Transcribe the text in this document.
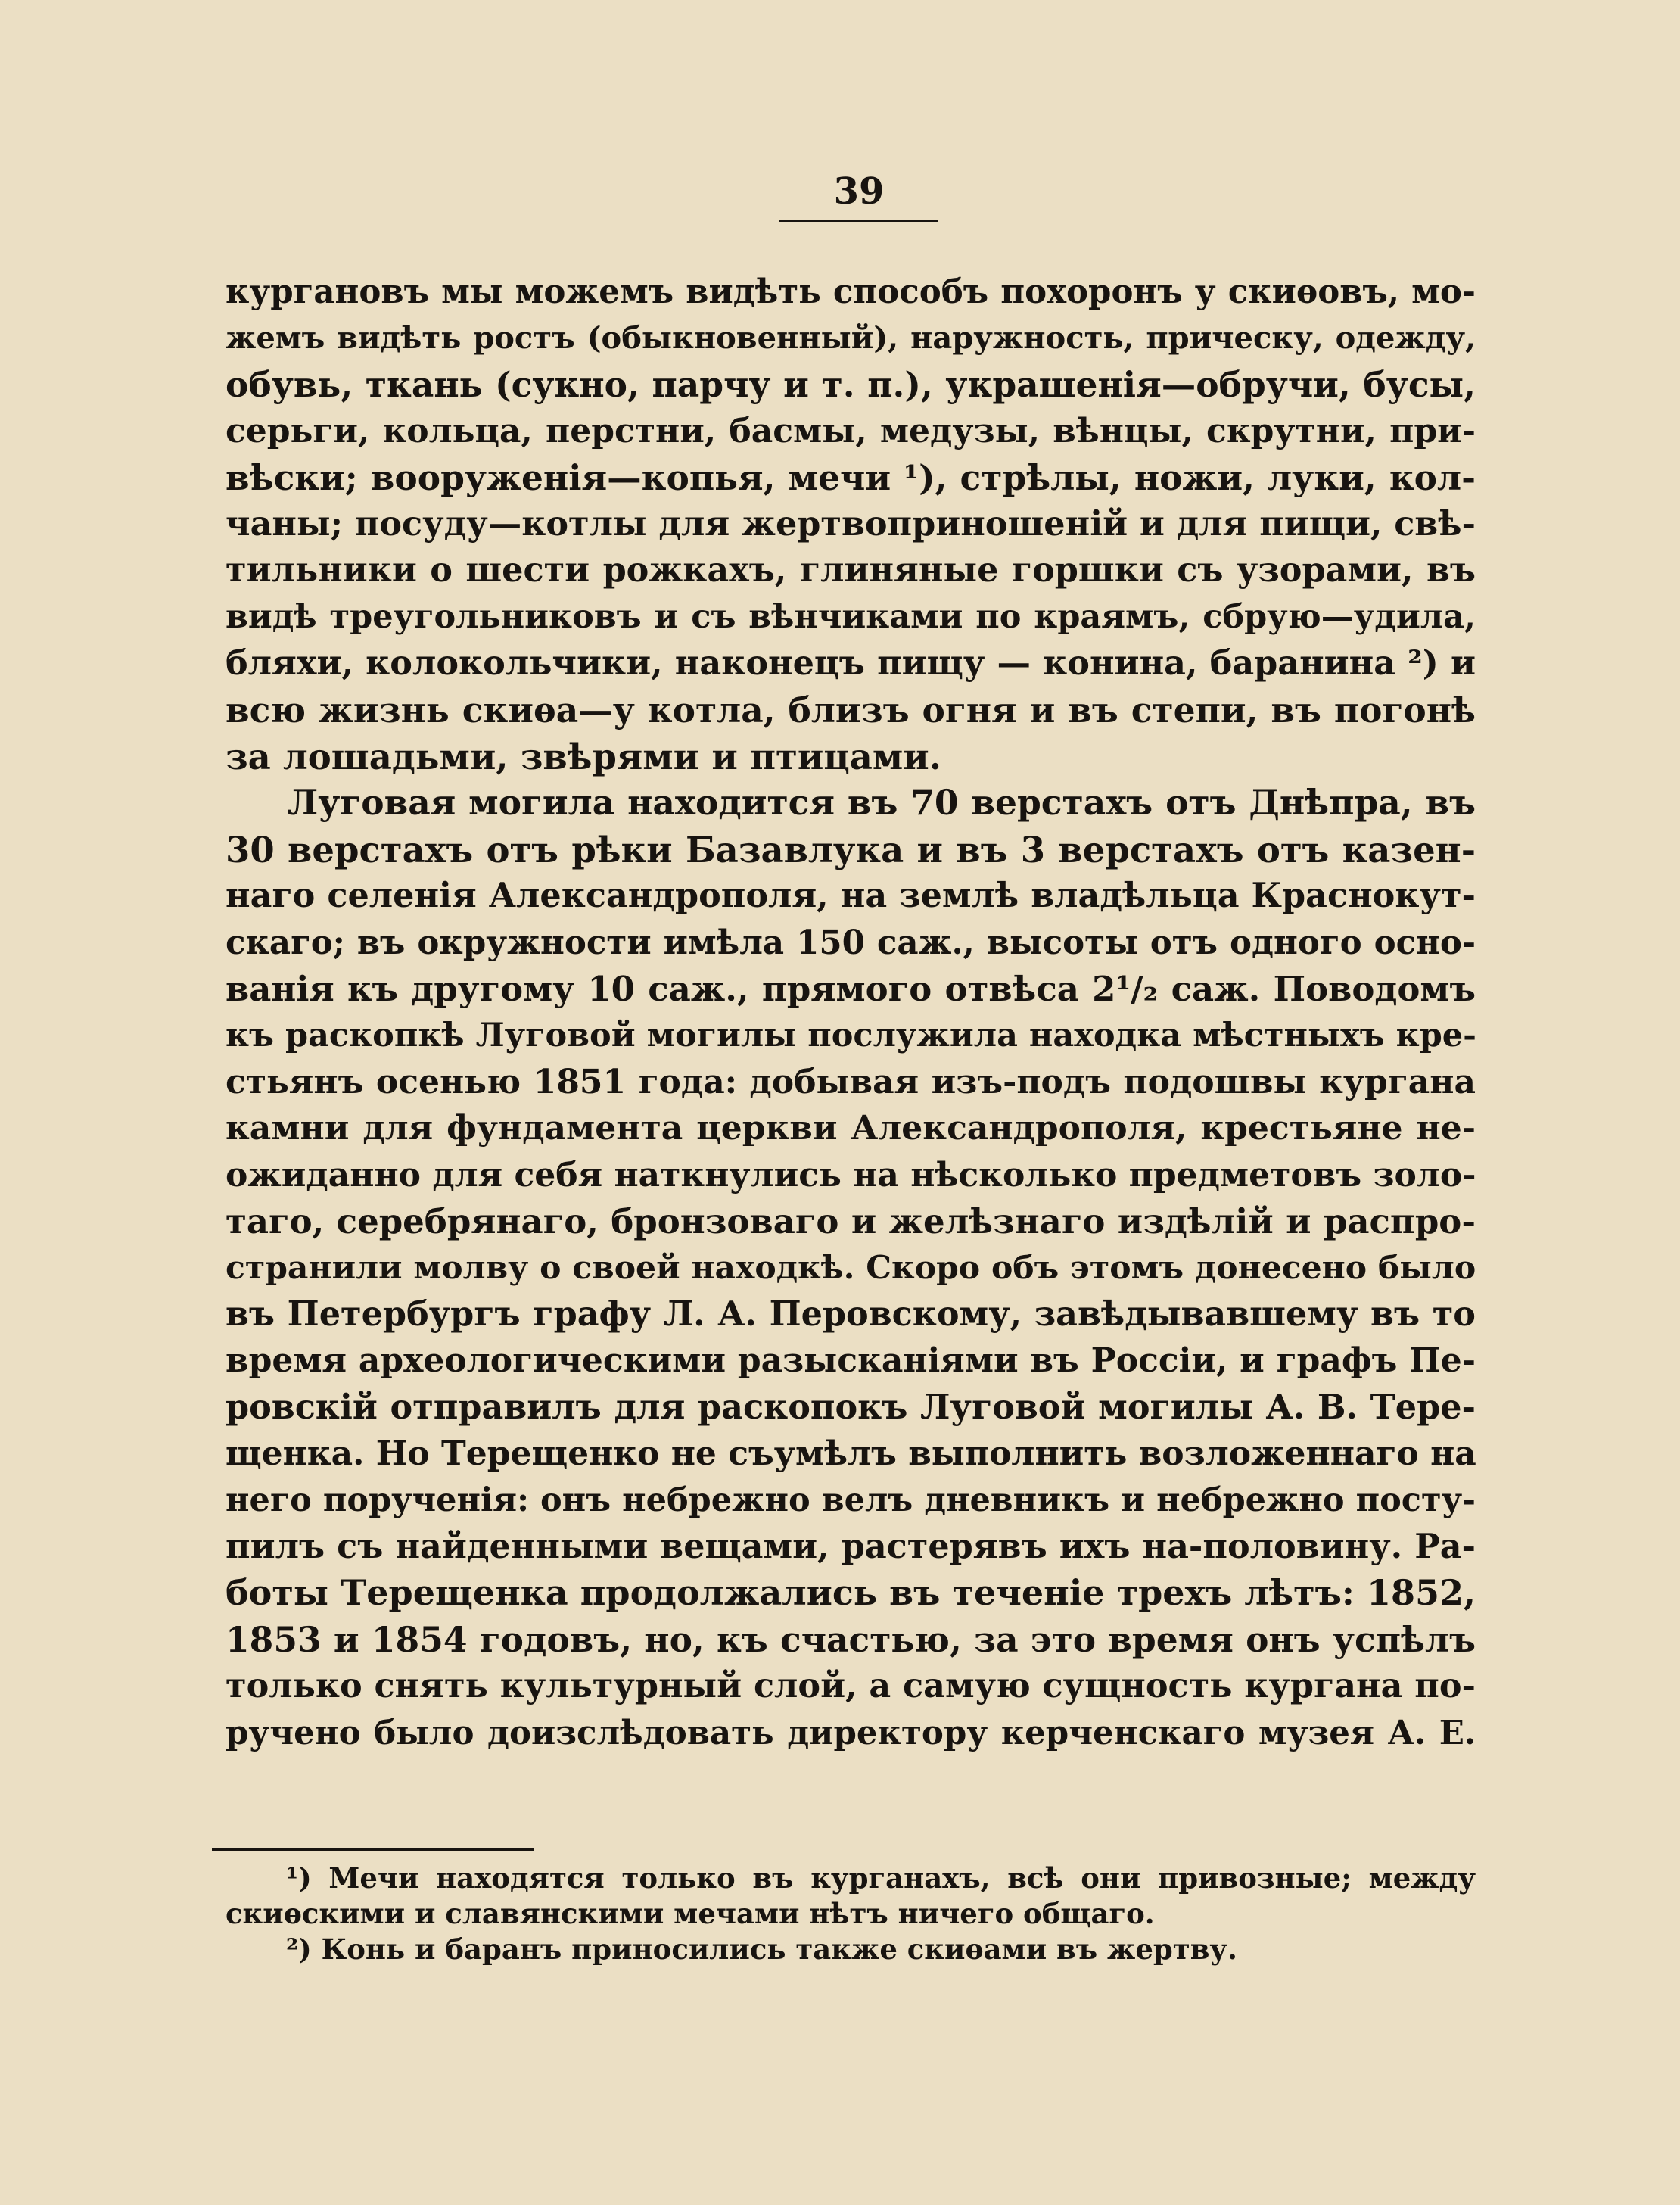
39
кургановъ мы можемъ видѣть способъ похоронъ у скиѳовъ, мо-
жемъ видѣть ростъ (обыкновенный), наружность, прическу, одежду,
обувь, ткань (сукно, парчу и т. п.), украшенія—обручи, бусы,
серьги, кольца, перстни, басмы, медузы, вѣнцы, скрутни, при-
вѣски; вооруженія—копья, мечи ¹), стрѣлы, ножи, луки, кол-
чаны; посуду—котлы для жертвоприношеній и для пищи, свѣ-
тильники о шести рожкахъ, глиняные горшки съ узорами, въ
видѣ треугольниковъ и съ вѣнчиками по краямъ, сбрую—удила,
бляхи, колокольчики, наконецъ пищу — конина, баранина ²) и
всю жизнь скиѳа—у котла, близъ огня и въ степи, въ погонѣ
за лошадьми, звѣрями и птицами.
Луговая могила находится въ 70 верстахъ отъ Днѣпра, въ
30 верстахъ отъ рѣки Базавлука и въ 3 верстахъ отъ казен-
наго селенія Александрополя, на землѣ владѣльца Краснокут-
скаго; въ окружности имѣла 150 саж., высоты отъ одного осно-
ванія къ другому 10 саж., прямого отвѣса 2¹/₂ саж. Поводомъ
къ раскопкѣ Луговой могилы послужила находка мѣстныхъ кре-
стьянъ осенью 1851 года: добывая изъ-подъ подошвы кургана
камни для фундамента церкви Александрополя, крестьяне не-
ожиданно для себя наткнулись на нѣсколько предметовъ золо-
таго, серебрянаго, бронзоваго и желѣзнаго издѣлій и распро-
странили молву о своей находкѣ. Скоро объ этомъ донесено было
въ Петербургъ графу Л. А. Перовскому, завѣдывавшему въ то
время археологическими разысканіями въ Россіи, и графъ Пе-
ровскій отправилъ для раскопокъ Луговой могилы А. В. Тере-
щенка. Но Терещенко не съумѣлъ выполнить возложеннаго на
него порученія: онъ небрежно велъ дневникъ и небрежно посту-
пилъ съ найденными вещами, растерявъ ихъ на-половину. Ра-
боты Терещенка продолжались въ теченіе трехъ лѣтъ: 1852,
1853 и 1854 годовъ, но, къ счастью, за это время онъ успѣлъ
только снять культурный слой, а самую сущность кургана по-
ручено было доизслѣдовать директору керченскаго музея А. Е.
¹) Мечи находятся только въ курганахъ, всѣ они привозные; между
скиѳскими и славянскими мечами нѣтъ ничего общаго.
²) Конь и баранъ приносились также скиѳами въ жертву.
